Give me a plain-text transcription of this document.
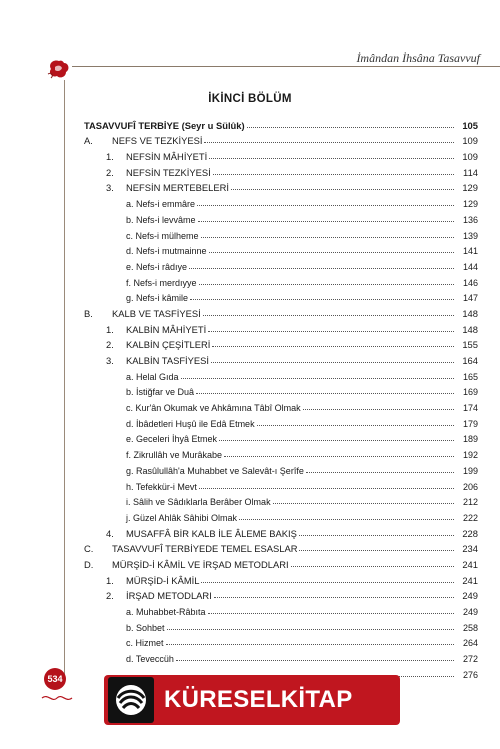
İmândan İhsâna Tasavvuf
İKİNCİ BÖLÜM
TASAVVUFÎ TERBİYE (Seyr u Sülûk)	105
A.	NEFS VE TEZKİYESİ	109
1.	NEFSİN MÂHİYETİ	109
2.	NEFSİN TEZKİYESİ	114
3.	NEFSİN MERTEBELERİ	129
a. Nefs-i emmâre	129
b. Nefs-i levvâme	136
c. Nefs-i mülheme	139
d. Nefs-i mutmainne	141
e. Nefs-i râdıye	144
f. Nefs-i merdıyye	146
g. Nefs-i kâmile	147
B.	KALB VE TASFİYESİ	148
1.	KALBİN MÂHİYETİ	148
2.	KALBİN ÇEŞİTLERİ	155
3.	KALBİN TASFİYESİ	164
a. Helal Gıda	165
b. İstiğfar ve Duâ	169
c. Kur'ân Okumak ve Ahkâmına Tâbî Olmak	174
d. İbâdetleri Huşû ile Edâ Etmek	179
e. Geceleri İhyâ Etmek	189
f. Zikrullâh ve Murâkabe	192
g. Rasûlullâh'a Muhabbet ve Salevât-ı Şerîfe	199
h. Tefekkür-i Mevt	206
i. Sâlih ve Sâdıklarla Berâber Olmak	212
j. Güzel Ahlâk Sâhibi Olmak	222
4.	MUSAFFÂ BİR KALB İLE ÂLEME BAKIŞ	228
C.	TASAVVUFÎ TERBİYEDE TEMEL ESASLAR	234
D.	MÜRŞİD-İ KÂMİL VE İRŞAD METODLARI	241
1.	MÜRŞİD-İ KÂMİL	241
2.	İRŞAD METODLARI	249
a. Muhabbet-Râbıta	249
b. Sohbet	258
c. Hizmet	264
d. Teveccüh	272
276
534
KÜRESELKİTAP
